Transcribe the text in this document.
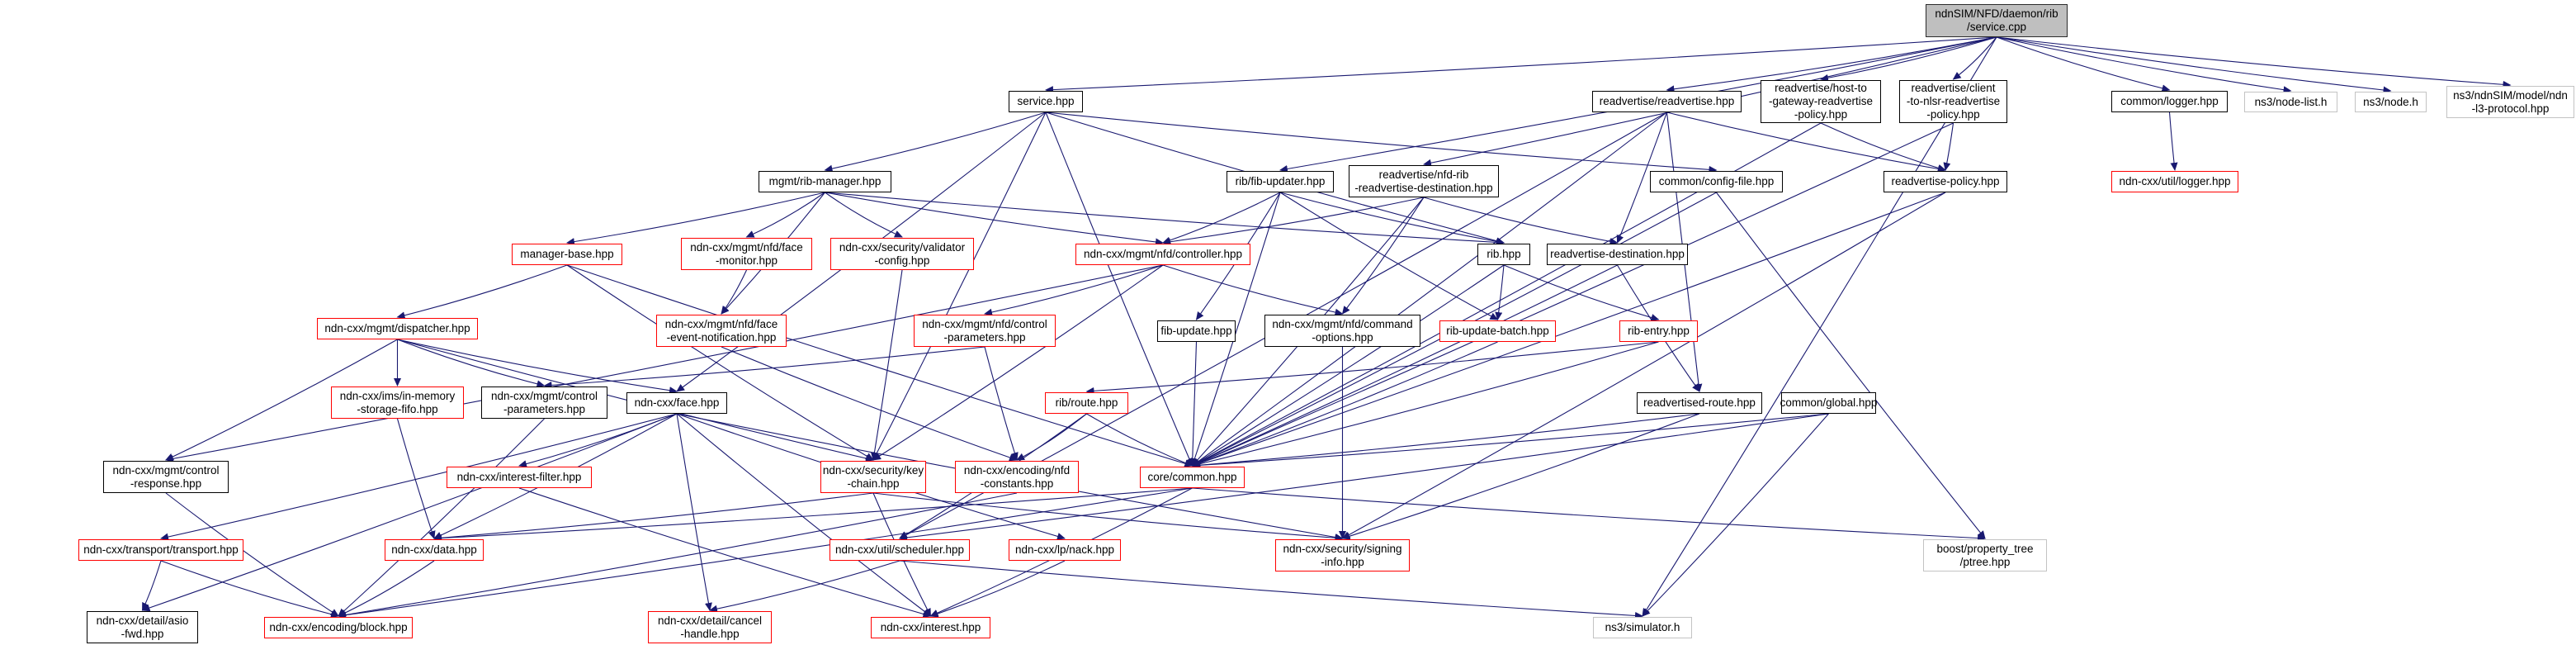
ndnSIM/NFD/daemon/rib
/service.cpp
service.hpp	readvertise/readvertise.hpp
readvertise/host-to
-gateway-readvertise
-policy.hpp
readvertise/client
-to-nlsr-readvertise
-policy.hpp
common/logger.hpp	ns3/node-list.h	ns3/node.h
ns3/ndnSIM/model/ndn
-l3-protocol.hpp
mgmt/rib-manager.hpp	rib/fib-updater.hpp
readvertise/nfd-rib
-readvertise-destination.hpp	common/config-file.hpp	readvertise-policy.hpp	ndn-cxx/util/logger.hpp
manager-base.hpp
ndn-cxx/mgmt/nfd/face
-monitor.hpp
ndn-cxx/security/validator
-config.hpp	ndn-cxx/mgmt/nfd/controller.hpp	rib.hpp	readvertise-destination.hpp
ndn-cxx/mgmt/dispatcher.hpp	ndn-cxx/mgmt/nfd/face
-event-notification.hpp
ndn-cxx/mgmt/nfd/control
-parameters.hpp	fib-update.hpp
ndn-cxx/mgmt/nfd/command
-options.hpp	rib-update-batch.hpp	rib-entry.hpp
ndn-cxx/ims/in-memory
-storage-fifo.hpp
ndn-cxx/mgmt/control
-parameters.hpp	ndn-cxx/face.hpp	rib/route.hpp	readvertised-route.hpp common/global.hpp
ndn-cxx/mgmt/control
-response.hpp	ndn-cxx/interest-filter.hpp
ndn-cxx/security/key
-chain.hpp
ndn-cxx/encoding/nfd
-constants.hpp	core/common.hpp
ndn-cxx/transport/transport.hpp	ndn-cxx/data.hpp	ndn-cxx/util/scheduler.hpp	ndn-cxx/lp/nack.hpp	ndn-cxx/security/signing
-info.hpp
boost/property_tree
/ptree.hpp
ndn-cxx/detail/asio
-fwd.hpp	ndn-cxx/encoding/block.hpp
ndn-cxx/detail/cancel
-handle.hpp	ndn-cxx/interest.hpp	ns3/simulator.h
